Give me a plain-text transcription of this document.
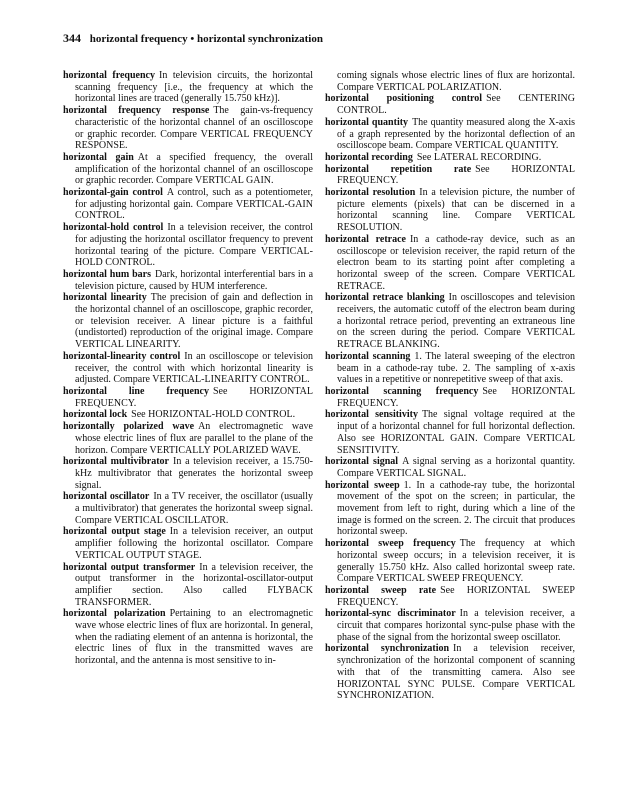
344 horizontal frequency • horizontal synchronization

horizontal frequency In television circuits, the horizontal scanning frequency [i.e., the frequency at which the horizontal lines are traced (generally 15.750 kHz)].

horizontal frequency response The gain-vs-frequency characteristic of the horizontal channel of an oscilloscope or graphic recorder. Compare VERTICAL FREQUENCY RESPONSE.

horizontal gain At a specified frequency, the overall amplification of the horizontal channel of an oscilloscope or graphic recorder. Compare VERTICAL GAIN.

horizontal-gain control A control, such as a potentiometer, for adjusting horizontal gain. Compare VERTICAL-GAIN CONTROL.

horizontal-hold control In a television receiver, the control for adjusting the horizontal oscillator frequency to prevent horizontal tearing of the picture. Compare VERTICAL-HOLD CONTROL.

horizontal hum bars Dark, horizontal interferential bars in a television picture, caused by HUM interference.

horizontal linearity The precision of gain and deflection in the horizontal channel of an oscilloscope, graphic recorder, or television receiver. A linear picture is a faithful (undistorted) reproduction of the original image. Compare VERTICAL LINEARITY.

horizontal-linearity control In an oscilloscope or television receiver, the control with which horizontal linearity is adjusted. Compare VERTICAL-LINEARITY CONTROL.

horizontal line frequency See HORIZONTAL FREQUENCY.

horizontal lock See HORIZONTAL-HOLD CONTROL.

horizontally polarized wave An electromagnetic wave whose electric lines of flux are parallel to the plane of the horizon. Compare VERTICALLY POLARIZED WAVE.

horizontal multivibrator In a television receiver, a 15.750-kHz multivibrator that generates the horizontal sweep signal.

horizontal oscillator In a TV receiver, the oscillator (usually a multivibrator) that generates the horizontal sweep signal. Compare VERTICAL OSCILLATOR.

horizontal output stage In a television receiver, an output amplifier following the horizontal oscillator. Compare VERTICAL OUTPUT STAGE.

horizontal output transformer In a television receiver, the output transformer in the horizontal-oscillator-output amplifier section. Also called FLYBACK TRANSFORMER.

horizontal polarization Pertaining to an electromagnetic wave whose electric lines of flux are horizontal. In general, when the radiating element of an antenna is horizontal, the electric lines of flux in the transmitted waves are horizontal, and the antenna is most sensitive to in-

coming signals whose electric lines of flux are horizontal. Compare VERTICAL POLARIZATION.

horizontal positioning control See CENTERING CONTROL.

horizontal quantity The quantity measured along the X-axis of a graph represented by the horizontal deflection of an oscilloscope beam. Compare VERTICAL QUANTITY.

horizontal recording See LATERAL RECORDING.

horizontal repetition rate See HORIZONTAL FREQUENCY.

horizontal resolution In a television picture, the number of picture elements (pixels) that can be discerned in a horizontal scanning line. Compare VERTICAL RESOLUTION.

horizontal retrace In a cathode-ray device, such as an oscilloscope or television receiver, the rapid return of the electron beam to its starting point after completing a horizontal sweep of the screen. Compare VERTICAL RETRACE.

horizontal retrace blanking In oscilloscopes and television receivers, the automatic cutoff of the electron beam during a horizontal retrace period, preventing an extraneous line on the screen during the period. Compare VERTICAL RETRACE BLANKING.

horizontal scanning 1. The lateral sweeping of the electron beam in a cathode-ray tube. 2. The sampling of x-axis values in a repetitive or nonrepetitive sweep of that axis.

horizontal scanning frequency See HORIZONTAL FREQUENCY.

horizontal sensitivity The signal voltage required at the input of a horizontal channel for full horizontal deflection. Also see HORIZONTAL GAIN. Compare VERTICAL SENSITIVITY.

horizontal signal A signal serving as a horizontal quantity. Compare VERTICAL SIGNAL.

horizontal sweep 1. In a cathode-ray tube, the horizontal movement of the spot on the screen; in particular, the movement from left to right, during which a line of the image is formed on the screen. 2. The circuit that produces horizontal sweep.

horizontal sweep frequency The frequency at which horizontal sweep occurs; in a television receiver, it is generally 15.750 kHz. Also called horizontal sweep rate. Compare VERTICAL SWEEP FREQUENCY.

horizontal sweep rate See HORIZONTAL SWEEP FREQUENCY.

horizontal-sync discriminator In a television receiver, a circuit that compares horizontal sync-pulse phase with the phase of the signal from the horizontal sweep oscillator.

horizontal synchronization In a television receiver, synchronization of the horizontal component of scanning with that of the transmitting camera. Also see HORIZONTAL SYNC PULSE. Compare VERTICAL SYNCHRONIZATION.
